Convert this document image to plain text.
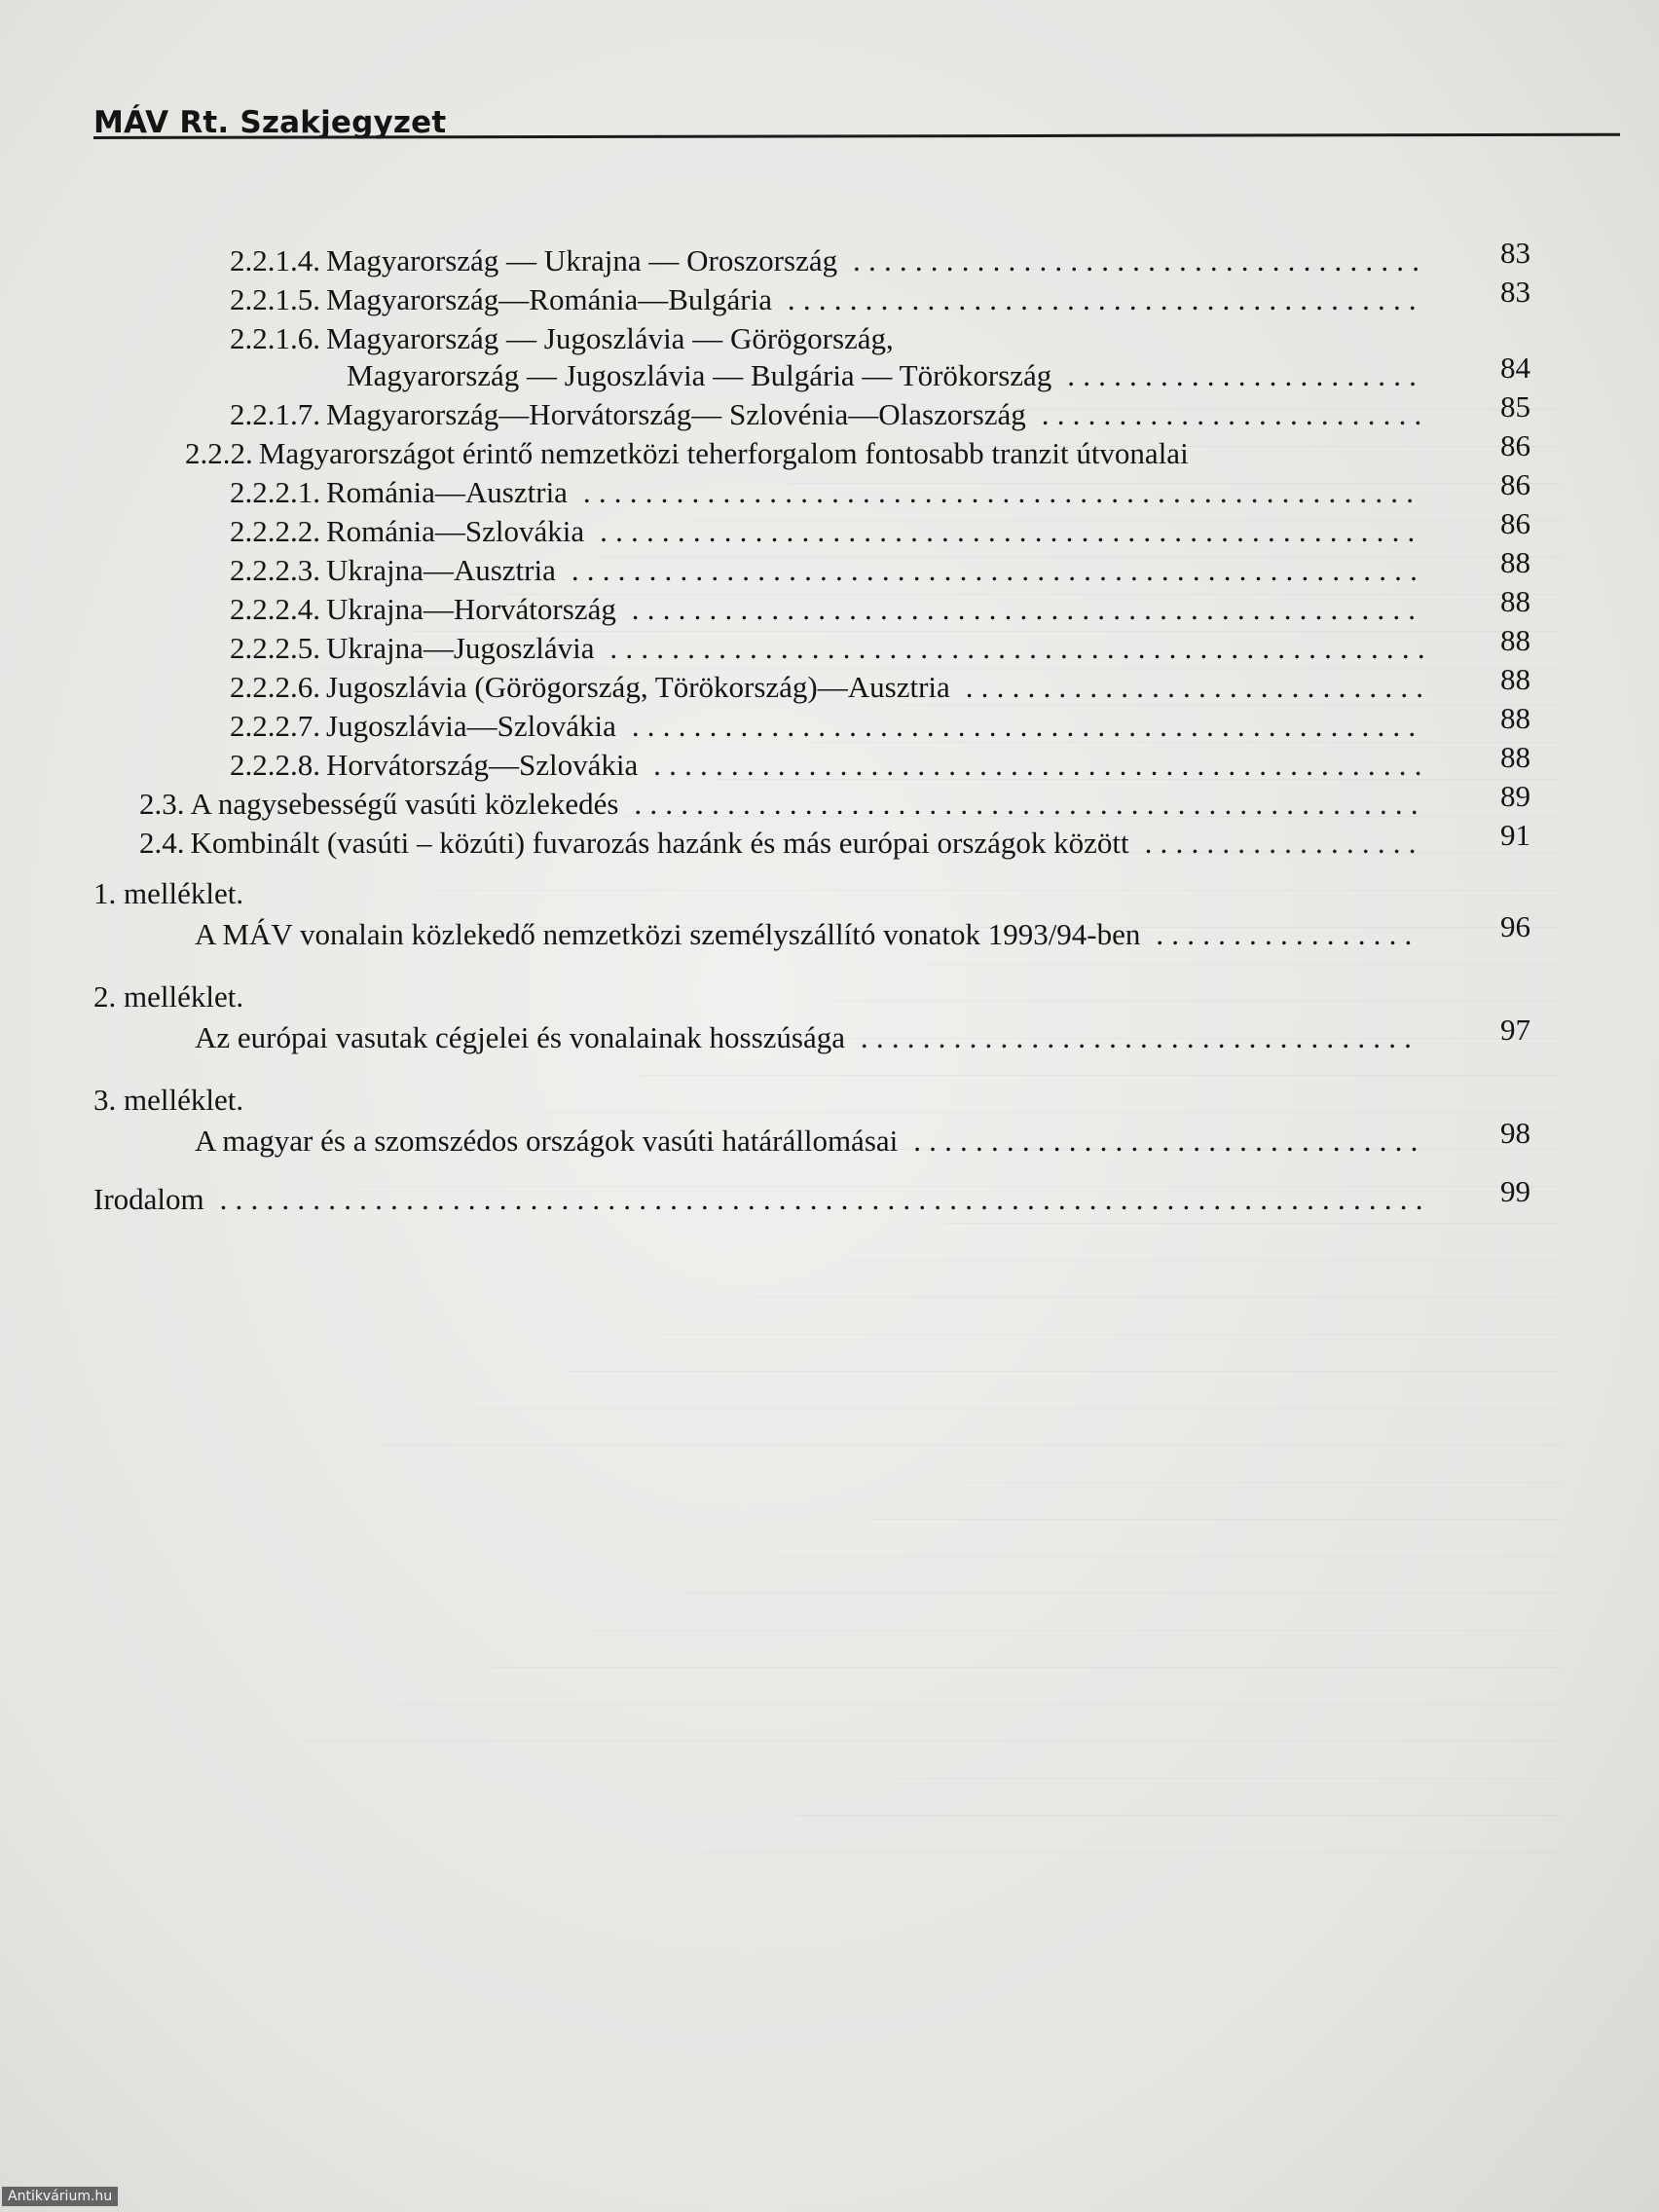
MÁV Rt. Szakjegyzet
2.2.1.4. Magyarország — Ukrajna — Oroszország .....................................	83
2.2.1.5. Magyarország—Románia—Bulgária .........................................	83
2.2.1.6. Magyarország — Jugoszlávia — Görögország,
Magyarország — Jugoszlávia — Bulgária — Törökország .......................	84
2.2.1.7. Magyarország—Horvátország— Szlovénia—Olaszország .........................	85
2.2.2. Magyarországot érintő nemzetközi teherforgalom fontosabb tranzit útvonalai	86
2.2.2.1. Románia—Ausztria ......................................................	86
2.2.2.2. Románia—Szlovákia .....................................................	86
2.2.2.3. Ukrajna—Ausztria .......................................................	88
2.2.2.4. Ukrajna—Horvátország ...................................................	88
2.2.2.5. Ukrajna—Jugoszlávia .....................................................	88
2.2.2.6. Jugoszlávia (Görögország, Törökország)—Ausztria ..............................	88
2.2.2.7. Jugoszlávia—Szlovákia ...................................................	88
2.2.2.8. Horvátország—Szlovákia ..................................................	88
2.3. A nagysebességű vasúti közlekedés ...................................................	89
2.4. Kombinált (vasúti – közúti) fuvarozás hazánk és más európai országok között ..................	91
1. melléklet.
A MÁV vonalain közlekedő nemzetközi személyszállító vonatok 1993/94-ben .................	96
2. melléklet.
Az európai vasutak cégjelei és vonalainak hosszúsága ....................................	97
3. melléklet.
A magyar és a szomszédos országok vasúti határállomásai .................................	98
Irodalom ..............................................................................	99
Antikvárium.hu
